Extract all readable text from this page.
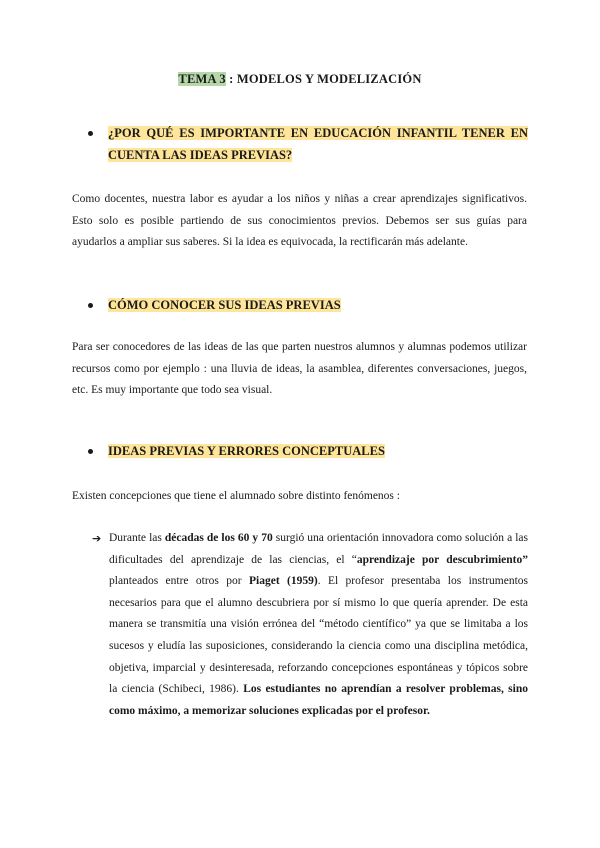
TEMA 3 : MODELOS Y MODELIZACIÓN
¿POR QUÉ ES IMPORTANTE EN EDUCACIÓN INFANTIL TENER EN CUENTA LAS IDEAS PREVIAS?

Como docentes, nuestra labor es ayudar a los niños y niñas a crear aprendizajes significativos. Esto solo es posible partiendo de sus conocimientos previos. Debemos ser sus guías para ayudarlos a ampliar sus saberes. Si la idea es equivocada, la rectificarán más adelante.

CÓMO CONOCER SUS IDEAS PREVIAS

Para ser conocedores de las ideas de las que parten nuestros alumnos y alumnas podemos utilizar recursos como por ejemplo : una lluvia de ideas, la asamblea, diferentes conversaciones, juegos, etc. Es muy importante que todo sea visual.

IDEAS PREVIAS Y ERRORES CONCEPTUALES

Existen concepciones que tiene el alumnado sobre distinto fenómenos :

➔ Durante las décadas de los 60 y 70 surgió una orientación innovadora como solución a las dificultades del aprendizaje de las ciencias, el “aprendizaje por descubrimiento” planteados entre otros por Piaget (1959). El profesor presentaba los instrumentos necesarios para que el alumno descubriera por sí mismo lo que quería aprender. De esta manera se transmitía una visión errónea del “método científico” ya que se limitaba a los sucesos y eludía las suposiciones, considerando la ciencia como una disciplina metódica, objetiva, imparcial y desinteresada, reforzando concepciones espontáneas y tópicos sobre la ciencia (Schibeci, 1986). Los estudiantes no aprendían a resolver problemas, sino como máximo, a memorizar soluciones explicadas por el profesor.
